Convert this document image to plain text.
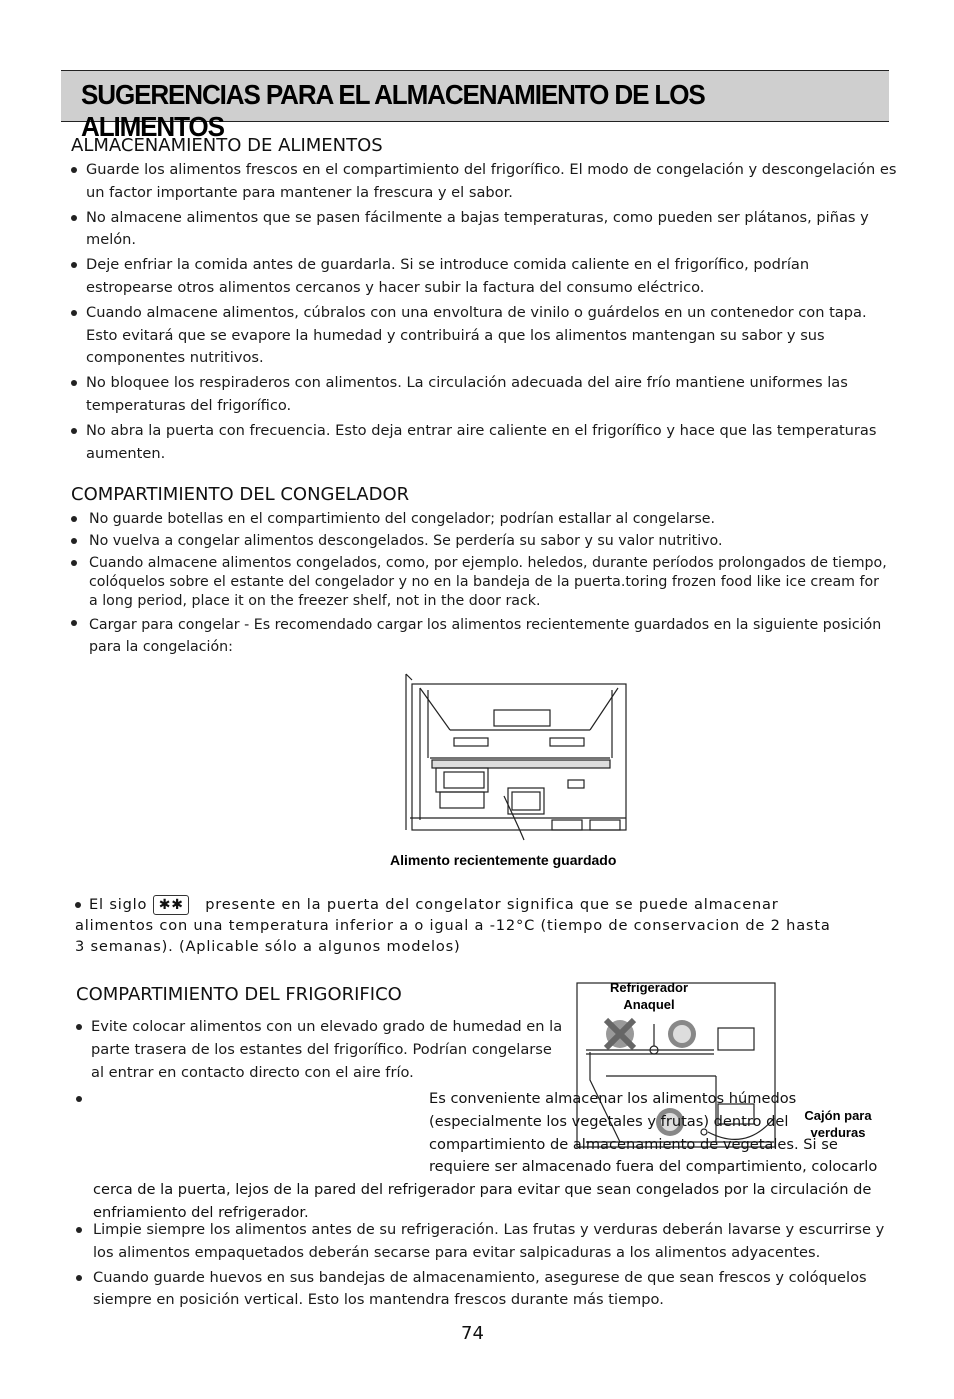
SUGERENCIAS PARA EL ALMACENAMIENTO DE LOS ALIMENTOS
ALMACENAMIENTO DE ALIMENTOS
Guarde los alimentos frescos en el compartimiento del frigorífico. El modo de congelación y descongelación es un factor importante para mantener la frescura y el sabor.
No almacene alimentos que se pasen fácilmente a bajas temperaturas, como pueden ser plátanos, piñas y melón.
Deje enfriar la comida antes de guardarla. Si se introduce comida caliente en el frigorífico, podrían estropearse otros alimentos cercanos y hacer subir la factura del consumo eléctrico.
Cuando almacene alimentos, cúbralos con una envoltura de vinilo o guárdelos en un contenedor con tapa. Esto evitará que se evapore la humedad y contribuirá a que los alimentos mantengan su sabor y sus componentes nutritivos.
No bloquee los respiraderos con alimentos. La circulación adecuada del aire frío mantiene uniformes las temperaturas del frigorífico.
No abra la puerta con frecuencia. Esto deja entrar aire caliente en el frigorífico y hace que las temperaturas aumenten.
COMPARTIMIENTO DEL CONGELADOR
No guarde botellas en el compartimiento del congelador; podrían estallar al congelarse.
No vuelva a congelar alimentos descongelados. Se perdería su sabor y su valor nutritivo.
Cuando almacene alimentos congelados, como, por ejemplo. heledos, durante períodos prolongados de tiempo, colóquelos sobre el estante del congelador y no en la bandeja de la puerta.toring frozen food like ice cream for a long period, place it on the freezer shelf, not in the door rack.
Cargar para congelar - Es recomendado cargar los alimentos recientemente guardados en la siguiente posición para la congelación:
Alimento recientemente guardado
El siglo ✱✱ presente en la puerta del congelator significa que se puede almacenar alimentos con una temperatura inferior a o igual a -12°C (tiempo de conservacion de 2 hasta 3 semanas). (Aplicable sólo a algunos modelos)
COMPARTIMIENTO DEL FRIGORIFICO	Refrigerador
Anaquel
Cajón para
verduras
Evite colocar alimentos con un elevado grado de humedad en la parte trasera de los estantes del frigorífico. Podrían congelarse al entrar en contacto directo con el aire frío.
Es conveniente almacenar los alimentos húmedos (especialmente los vegetales y frutas) dentro del compartimiento de almacenamiento de vegetales. Si se requiere ser almacenado fuera del compartimiento, colocarlo cerca de la puerta, lejos de la pared del refrigerador para evitar que sean congelados por la circulación de enfriamiento del refrigerador.
Limpie siempre los alimentos antes de su refrigeración. Las frutas y verduras deberán lavarse y escurrirse y los alimentos empaquetados deberán secarse para evitar salpicaduras a los alimentos adyacentes.
Cuando guarde huevos en sus bandejas de almacenamiento, asegurese de que sean frescos y colóquelos siempre en posición vertical. Esto los mantendra frescos durante más tiempo.
74
